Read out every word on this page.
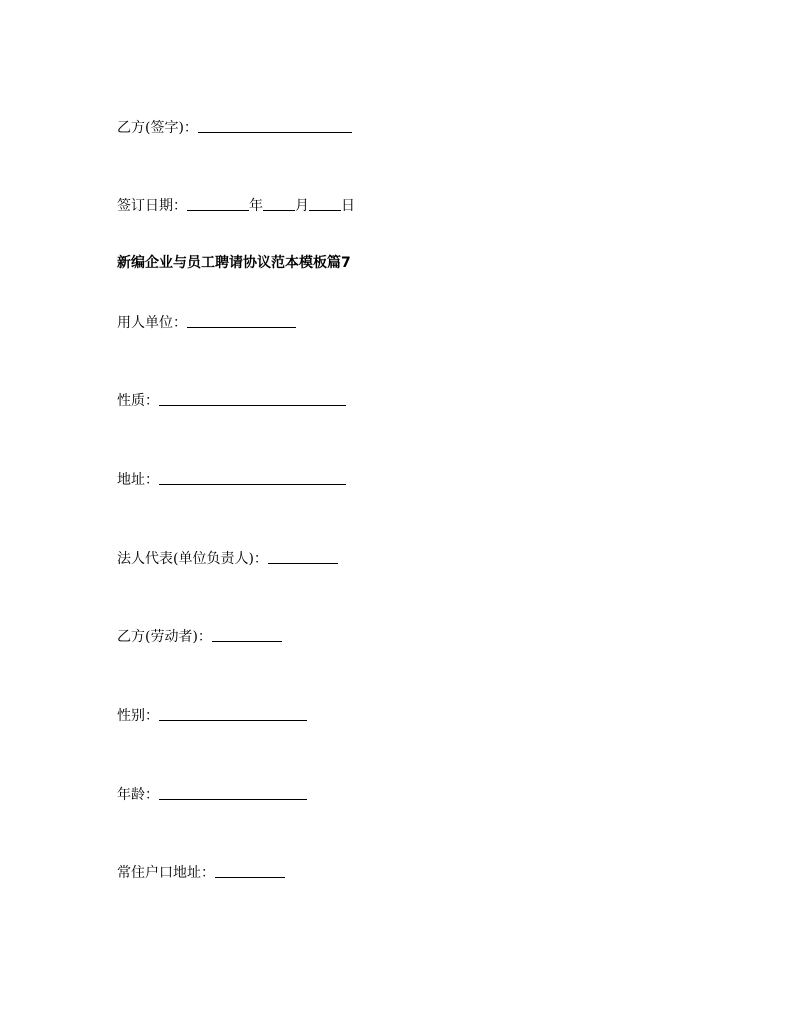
乙方(签字)：
签订日期：	年 月 日
新编企业与员工聘请协议范本模板篇7
用人单位：
性质：
地址：
法人代表(单位负责人)：
乙方(劳动者)：
性别：
年龄：
常住户口地址：
